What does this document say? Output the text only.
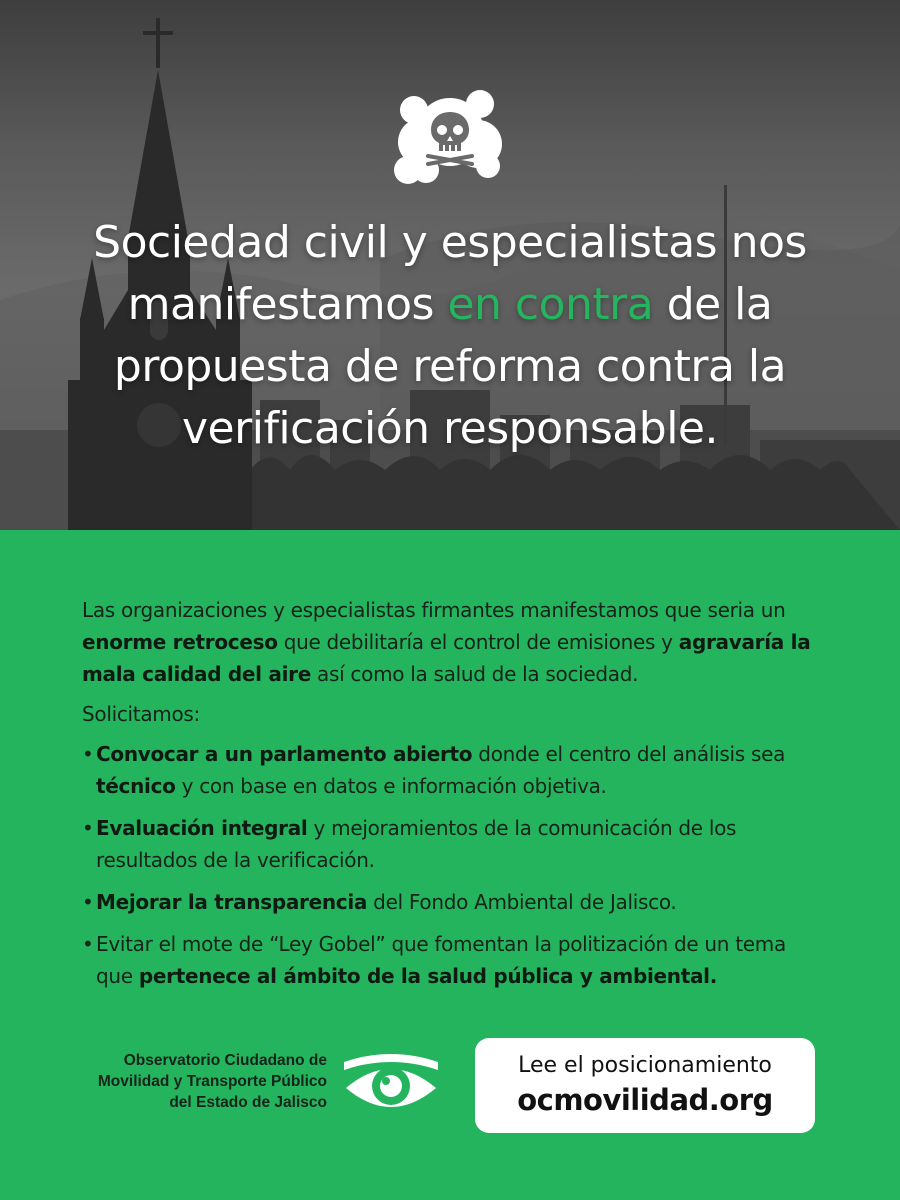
Sociedad civil y especialistas nos manifestamos en contra de la propuesta de reforma contra la verificación responsable.

Las organizaciones y especialistas firmantes manifestamos que seria un enorme retroceso que debilitaría el control de emisiones y agravaría la mala calidad del aire así como la salud de la sociedad.

Solicitamos:

• Convocar a un parlamento abierto donde el centro del análisis sea técnico y con base en datos e información objetiva.
• Evaluación integral y mejoramientos de la comunicación de los resultados de la verificación.
• Mejorar la transparencia del Fondo Ambiental de Jalisco.
• Evitar el mote de “Ley Gobel” que fomentan la politización de un tema que pertenece al ámbito de la salud pública y ambiental.
Observatorio Ciudadano de
Movilidad y Transporte Público
del Estado de Jalisco
Lee el posicionamiento
ocmovilidad.org
